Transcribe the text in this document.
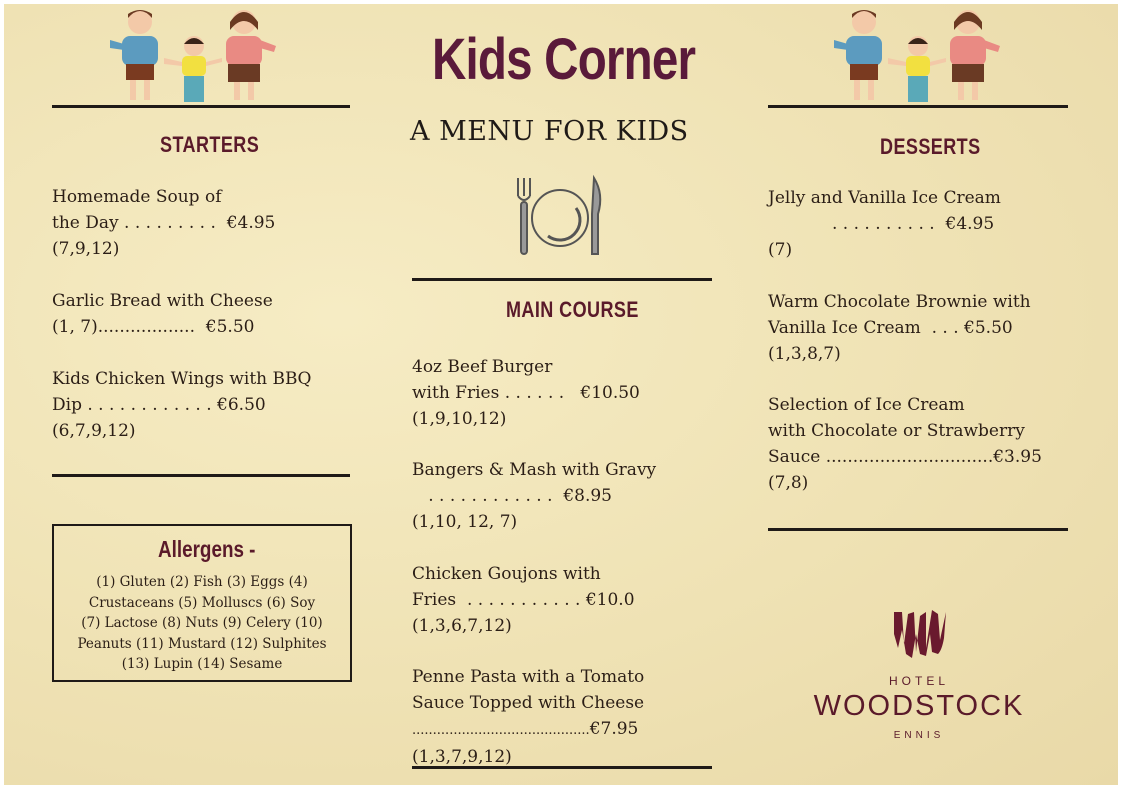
Kids Corner
A MENU FOR KIDS
STARTERS
Homemade Soup of
the Day . . . . . . . . . €4.95
(7,9,12)
Garlic Bread with Cheese
(1, 7).................. €5.50
Kids Chicken Wings with BBQ
Dip . . . . . . . . . . . . €6.50
(6,7,9,12)
Allergens -
(1) Gluten (2) Fish (3) Eggs (4)
Crustaceans (5) Molluscs (6) Soy
(7) Lactose (8) Nuts (9) Celery (10)
Peanuts (11) Mustard (12) Sulphites
(13) Lupin (14) Sesame
MAIN COURSE
4oz Beef Burger
with Fries . . . . . . €10.50
(1,9,10,12)
Bangers & Mash with Gravy
. . . . . . . . . . . . €8.95
(1,10, 12, 7)
Chicken Goujons with
Fries  . . . . . . . . . . . €10.0
(1,3,6,7,12)
Penne Pasta with a Tomato
Sauce Topped with Cheese
...........................................€7.95
(1,3,7,9,12)
DESSERTS
Jelly and Vanilla Ice Cream
. . . . . . . . . . €4.95
(7)
Warm Chocolate Brownie with
Vanilla Ice Cream  . . . €5.50
(1,3,8,7)
Selection of Ice Cream
with Chocolate or Strawberry
Sauce ...............................€3.95
(7,8)
HOTEL
WOODSTOCK
ENNIS
